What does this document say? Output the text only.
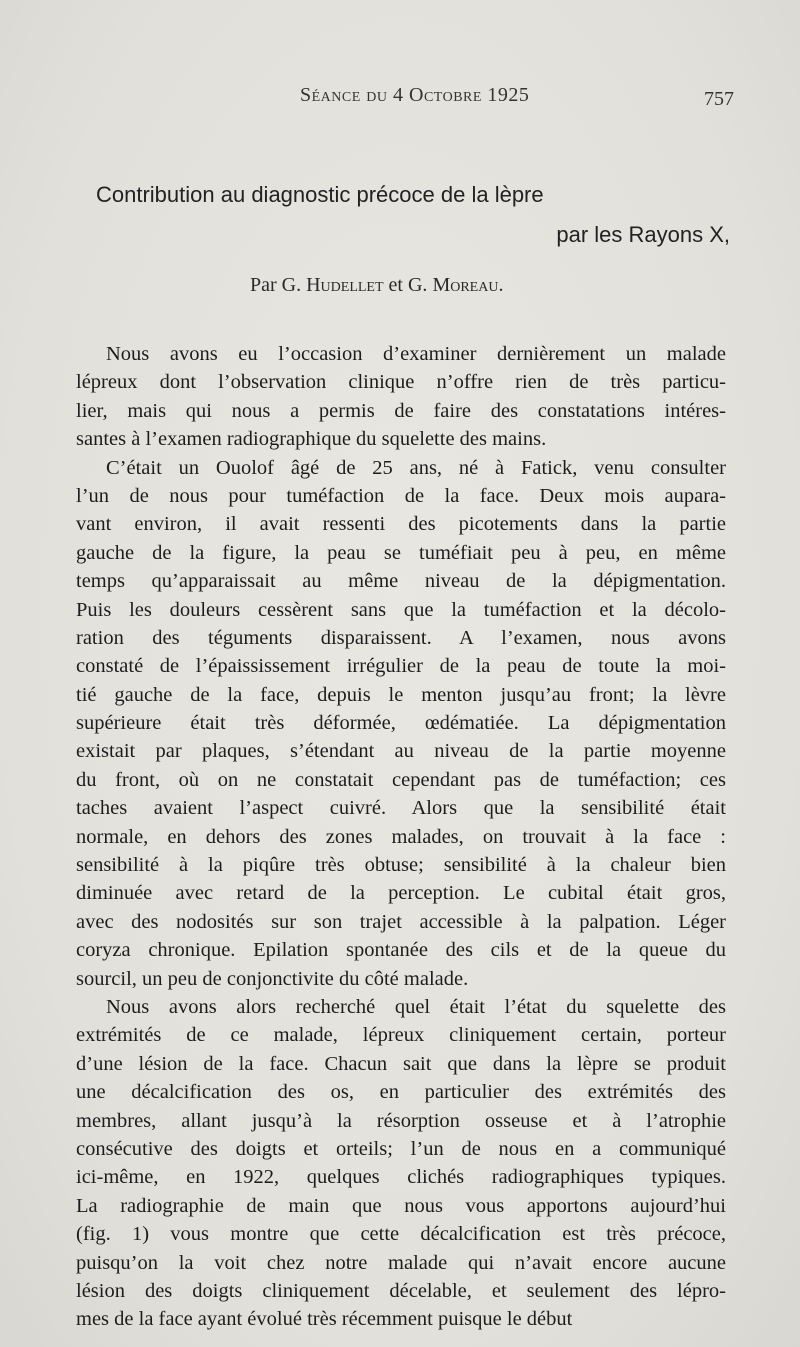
Séance du 4 Octobre 1925	757
Contribution au diagnostic précoce de la lèpre
par les Rayons X,
Par G. Hudellet et G. Moreau.
Nous avons eu l’occasion d’examiner dernièrement un malade
lépreux dont l’observation clinique n’offre rien de très particu-
lier, mais qui nous a permis de faire des constatations intéres-
santes à l’examen radiographique du squelette des mains.
C’était un Ouolof âgé de 25 ans, né à Fatick, venu consulter
l’un de nous pour tuméfaction de la face. Deux mois aupara-
vant environ, il avait ressenti des picotements dans la partie
gauche de la figure, la peau se tuméfiait peu à peu, en même
temps qu’apparaissait au même niveau de la dépigmentation.
Puis les douleurs cessèrent sans que la tuméfaction et la décolo-
ration des téguments disparaissent. A l’examen, nous avons
constaté de l’épaississement irrégulier de la peau de toute la moi-
tié gauche de la face, depuis le menton jusqu’au front; la lèvre
supérieure était très déformée, œdématiée. La dépigmentation
existait par plaques, s’étendant au niveau de la partie moyenne
du front, où on ne constatait cependant pas de tuméfaction; ces
taches avaient l’aspect cuivré. Alors que la sensibilité était
normale, en dehors des zones malades, on trouvait à la face :
sensibilité à la piqûre très obtuse; sensibilité à la chaleur bien
diminuée avec retard de la perception. Le cubital était gros,
avec des nodosités sur son trajet accessible à la palpation. Léger
coryza chronique. Epilation spontanée des cils et de la queue du
sourcil, un peu de conjonctivite du côté malade.
Nous avons alors recherché quel était l’état du squelette des
extrémités de ce malade, lépreux cliniquement certain, porteur
d’une lésion de la face. Chacun sait que dans la lèpre se produit
une décalcification des os, en particulier des extrémités des
membres, allant jusqu’à la résorption osseuse et à l’atrophie
consécutive des doigts et orteils; l’un de nous en a communiqué
ici-même, en 1922, quelques clichés radiographiques typiques.
La radiographie de main que nous vous apportons aujourd’hui
(fig. 1) vous montre que cette décalcification est très précoce,
puisqu’on la voit chez notre malade qui n’avait encore aucune
lésion des doigts cliniquement décelable, et seulement des lépro-
mes de la face ayant évolué très récemment puisque le début
